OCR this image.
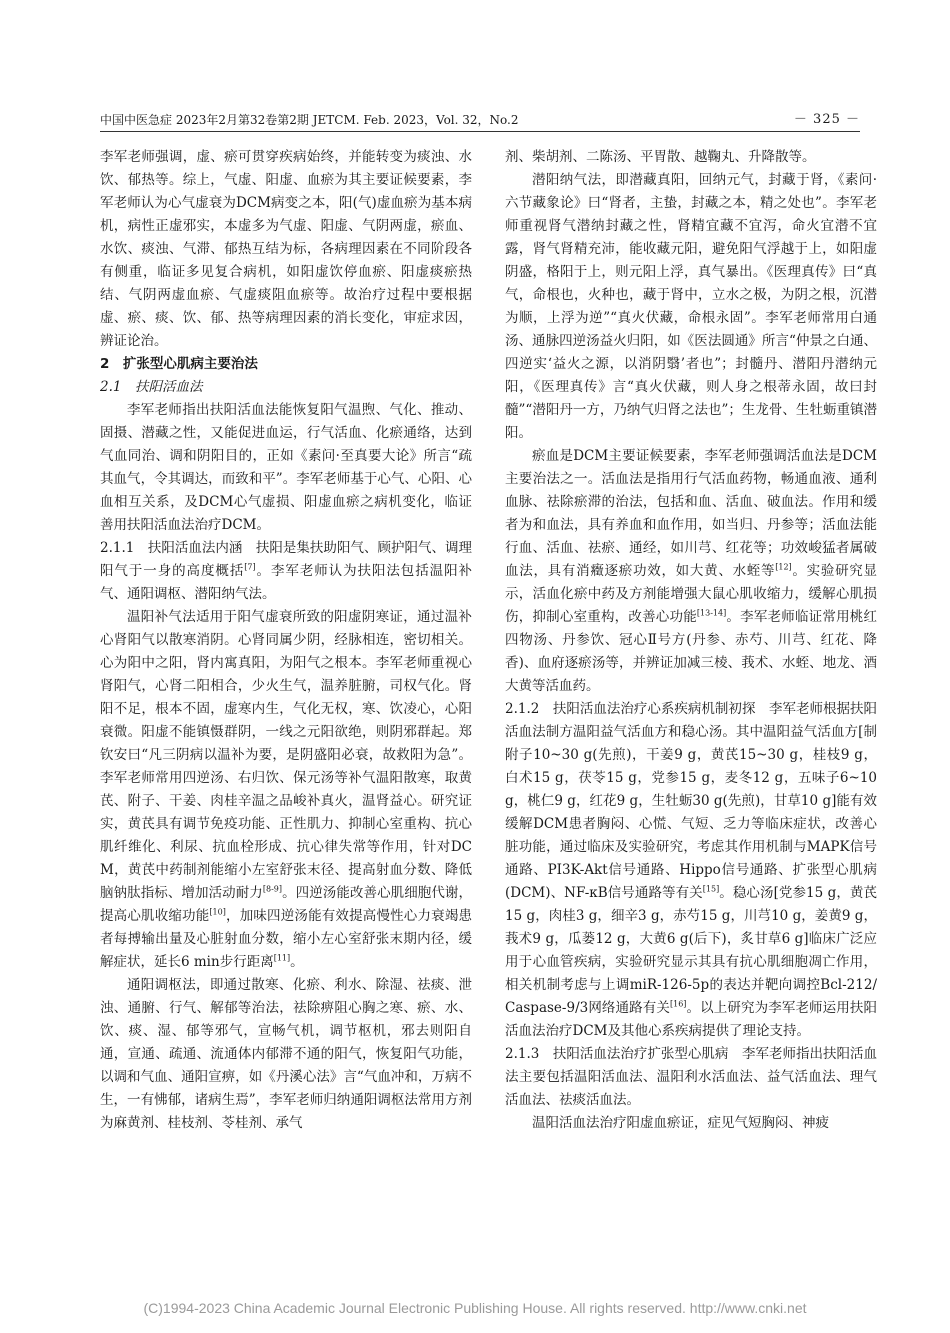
中国中医急症 2023年2月第32卷第2期 JETCM. Feb. 2023，Vol. 32，No.2	－ 325 －

李军老师强调，虚、瘀可贯穿疾病始终，并能转变为痰浊、水饮、郁热等。综上，气虚、阳虚、血瘀为其主要证候要素，李军老师认为心气虚衰为DCM病变之本，阳(气)虚血瘀为基本病机，病性正虚邪实，本虚多为气虚、阳虚、气阴两虚，瘀血、水饮、痰浊、气滞、郁热互结为标，各病理因素在不同阶段各有侧重，临证多见复合病机，如阳虚饮停血瘀、阳虚痰瘀热结、气阴两虚血瘀、气虚痰阻血瘀等。故治疗过程中要根据虚、瘀、痰、饮、郁、热等病理因素的消长变化，审症求因，辨证论治。

2　扩张型心肌病主要治法

2.1　扶阳活血法

李军老师指出扶阳活血法能恢复阳气温煦、气化、推动、固摄、潜藏之性，又能促进血运，行气活血、化瘀通络，达到气血同治、调和阴阳目的，正如《素问·至真要大论》所言“疏其血气，令其调达，而致和平”。李军老师基于心气、心阳、心血相互关系，及DCM心气虚损、阳虚血瘀之病机变化，临证善用扶阳活血法治疗DCM。

2.1.1　扶阳活血法内涵　扶阳是集扶助阳气、顾护阳气、调理阳气于一身的高度概括[7]。李军老师认为扶阳法包括温阳补气、通阳调枢、潜阳纳气法。

温阳补气法适用于阳气虚衰所致的阳虚阴寒证，通过温补心肾阳气以散寒消阴。心肾同属少阴，经脉相连，密切相关。心为阳中之阳，肾内寓真阳，为阳气之根本。李军老师重视心肾阳气，心肾二阳相合，少火生气，温养脏腑，司权气化。肾阳不足，根本不固，虚寒内生，气化无权，寒、饮凌心，心阳衰微。阳虚不能镇慑群阴，一线之元阳欲绝，则阴邪群起。郑钦安曰“凡三阴病以温补为要，是阴盛阳必衰，故救阳为急”。李军老师常用四逆汤、右归饮、保元汤等补气温阳散寒，取黄芪、附子、干姜、肉桂辛温之品峻补真火，温肾益心。研究证实，黄芪具有调节免疫功能、正性肌力、抑制心室重构、抗心肌纤维化、利尿、抗血栓形成、抗心律失常等作用，针对DCM，黄芪中药制剂能缩小左室舒张末径、提高射血分数、降低脑钠肽指标、增加活动耐力[8-9]。四逆汤能改善心肌细胞代谢，提高心肌收缩功能[10]，加味四逆汤能有效提高慢性心力衰竭患者每搏输出量及心脏射血分数，缩小左心室舒张末期内径，缓解症状，延长6 min步行距离[11]。

通阳调枢法，即通过散寒、化瘀、利水、除湿、祛痰、泄浊、通腑、行气、解郁等治法，祛除痹阻心胸之寒、瘀、水、饮、痰、湿、郁等邪气，宣畅气机，调节枢机，邪去则阳自通，宣通、疏通、流通体内郁滞不通的阳气，恢复阳气功能，以调和气血、通阳宣痹，如《丹溪心法》言“气血冲和，万病不生，一有怫郁，诸病生焉”，李军老师归纳通阳调枢法常用方剂为麻黄剂、桂枝剂、苓桂剂、承气

剂、柴胡剂、二陈汤、平胃散、越鞠丸、升降散等。

潜阳纳气法，即潜藏真阳，回纳元气，封藏于肾，《素问·六节藏象论》曰“肾者，主蛰，封藏之本，精之处也”。李军老师重视肾气潜纳封藏之性，肾精宜藏不宜泻，命火宜潜不宜露，肾气肾精充沛，能收藏元阳，避免阳气浮越于上，如阳虚阴盛，格阳于上，则元阳上浮，真气暴出。《医理真传》曰“真气，命根也，火种也，藏于肾中，立水之极，为阴之根，沉潜为顺，上浮为逆”“真火伏藏，命根永固”。李军老师常用白通汤、通脉四逆汤益火归阳，如《医法圆通》所言“仲景之白通、四逆实‘益火之源，以消阴翳’者也”；封髓丹、潜阳丹潜纳元阳，《医理真传》言“真火伏藏，则人身之根蒂永固，故曰封髓”“潜阳丹一方，乃纳气归肾之法也”；生龙骨、生牡蛎重镇潜阳。

瘀血是DCM主要证候要素，李军老师强调活血法是DCM主要治法之一。活血法是指用行气活血药物，畅通血液、通利血脉、祛除瘀滞的治法，包括和血、活血、破血法。作用和缓者为和血法，具有养血和血作用，如当归、丹参等；活血法能行血、活血、祛瘀、通经，如川芎、红花等；功效峻猛者属破血法，具有消癥逐瘀功效，如大黄、水蛭等[12]。实验研究显示，活血化瘀中药及方剂能增强大鼠心肌收缩力，缓解心肌损伤，抑制心室重构，改善心功能[13-14]。李军老师临证常用桃红四物汤、丹参饮、冠心Ⅱ号方(丹参、赤芍、川芎、红花、降香)、血府逐瘀汤等，并辨证加减三棱、莪术、水蛭、地龙、酒大黄等活血药。

2.1.2　扶阳活血法治疗心系疾病机制初探　李军老师根据扶阳活血法制方温阳益气活血方和稳心汤。其中温阳益气活血方[制附子10~30 g(先煎)，干姜9 g，黄芪15~30 g，桂枝9 g，白术15 g，茯苓15 g，党参15 g，麦冬12 g，五味子6~10 g，桃仁9 g，红花9 g，生牡蛎30 g(先煎)，甘草10 g]能有效缓解DCM患者胸闷、心慌、气短、乏力等临床症状，改善心脏功能，通过临床及实验研究，考虑其作用机制与MAPK信号通路、PI3K-Akt信号通路、Hippo信号通路、扩张型心肌病(DCM)、NF-κB信号通路等有关[15]。稳心汤[党参15 g，黄芪15 g，肉桂3 g，细辛3 g，赤芍15 g，川芎10 g，姜黄9 g，莪术9 g，瓜蒌12 g，大黄6 g(后下)，炙甘草6 g]临床广泛应用于心血管疾病，实验研究显示其具有抗心肌细胞凋亡作用，相关机制考虑与上调miR-126-5p的表达并靶向调控Bcl-212/Caspase-9/3网络通路有关[16]。以上研究为李军老师运用扶阳活血法治疗DCM及其他心系疾病提供了理论支持。

2.1.3　扶阳活血法治疗扩张型心肌病　李军老师指出扶阳活血法主要包括温阳活血法、温阳利水活血法、益气活血法、理气活血法、祛痰活血法。

温阳活血法治疗阳虚血瘀证，症见气短胸闷、神疲

(C)1994-2023 China Academic Journal Electronic Publishing House. All rights reserved. http://www.cnki.net
